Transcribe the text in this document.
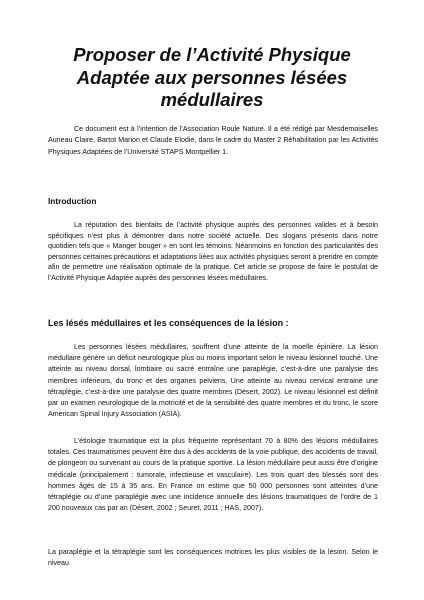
Proposer de l’Activité Physique
Adaptée aux personnes lésées
médullaires
Ce document est à l’intention de l’Association Roule Nature. Il a été rédigé par Mesdemoiselles Auneau Claire, Bartot Marion et Claude Elodie, dans le cadre du Master 2 Réhabilitation par les Activités Physiques Adaptées de l’Université STAPS Montpellier 1.
Introduction
La réputation des bienfaits de l’activité physique auprès des personnes valides et à besoin spécifiques n’est plus à démontrer dans notre société actuelle. Des slogans présents dans notre quotidien tels que « Manger bouger » en sont les témoins. Néanmoins en fonction des particularités des personnes certaines précautions et adaptations liées aux activités physiques seront à prendre en compte afin de permettre une réalisation optimale de la pratique. Cet article se propose de faire le postulat de l’Activité Physique Adaptée auprès des personnes lésées médullaires.
Les lésés médullaires et les conséquences de la lésion :
Les personnes lésées médullaires, souffrent d’une atteinte de la moelle épinière. La lésion médullaire génère un déficit neurologique plus ou moins important selon le niveau lésionnel touché. Une atteinte au niveau dorsal, lombaire ou sacré entraîne une paraplégie, c’est-à-dire une paralysie des membres inférieurs, du tronc et des organes pelviens. Une atteinte au niveau cervical entraine une tétraplégie, c’est-à-dire une paralysie des quatre membres (Désert, 2002). Le niveau lésionnel est définit par un examen neurologique de la motricité et de la sensibilité des quatre membres et du tronc, le score American Spinal Injury Association (ASIA).
L’étiologie traumatique est la plus fréquente représentant 70 à 80% des lésions médullaires totales. Ces traumatismes peuvent être dus à des accidents de la voie publique, des accidents de travail, de plongeon ou survenant au cours de la pratique sportive. La lésion médullaire peut aussi être d’origine médicale (principalement : tumorale, infectieuse et vasculaire). Les trois quart des blessés sont des hommes âgés de 15 à 35 ans. En France on estime que 50 000 personnes sont atteintes d’une tétraplégie ou d’une paraplégie avec une incidence annuelle des lésions traumatiques de l’ordre de 1 200 nouveaux cas par an (Désert, 2002 ; Seuret, 2011 ; HAS, 2007).
La paraplégie et la tétraplégie sont les conséquences motrices les plus visibles de la lésion. Selon le niveau
